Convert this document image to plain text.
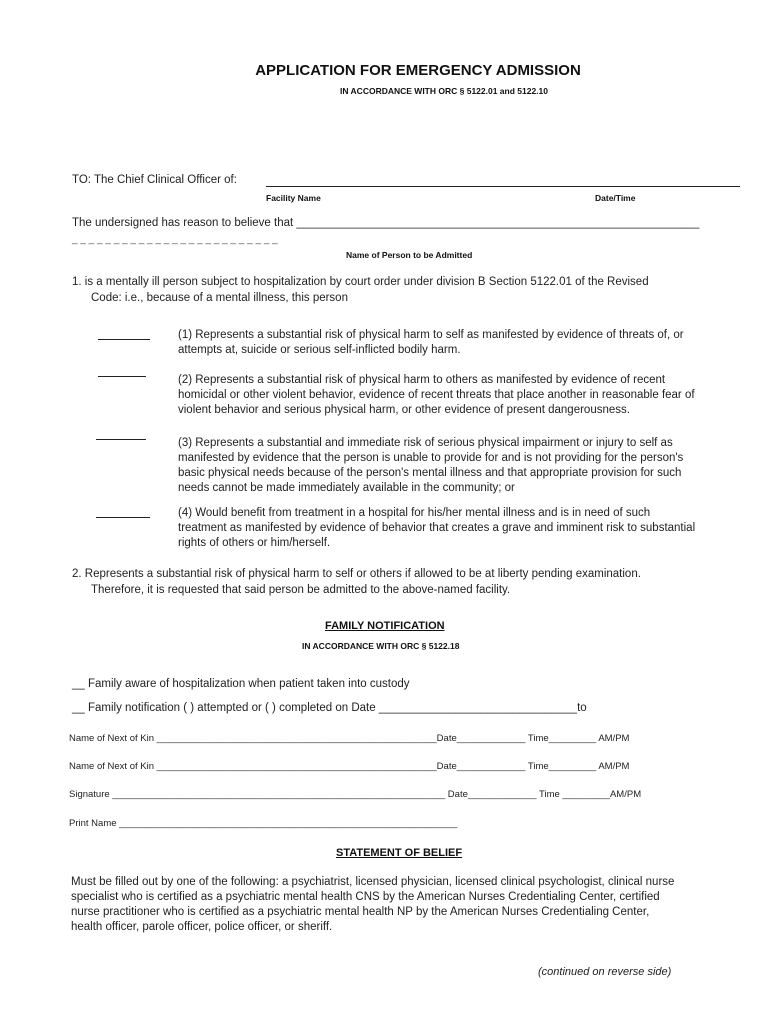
APPLICATION FOR EMERGENCY ADMISSION
IN ACCORDANCE WITH ORC § 5122.01 and 5122.10
TO: The Chief Clinical Officer of:
Facility Name	Date/Time
The undersigned has reason to believe that _______________________________________________________________
_ _ _ _ _ _ _ _ _ _ _ _ _ _ _ _ _ _ _ _ _ _ _ _ _
Name of Person to be Admitted
1. is a mentally ill person subject to hospitalization by court order under division B Section 5122.01 of the Revised
Code: i.e., because of a mental illness, this person
(1) Represents a substantial risk of physical harm to self as manifested by evidence of threats of, or
attempts at, suicide or serious self-inflicted bodily harm.
(2) Represents a substantial risk of physical harm to others as manifested by evidence of recent
homicidal or other violent behavior, evidence of recent threats that place another in reasonable fear of
violent behavior and serious physical harm, or other evidence of present dangerousness.
(3) Represents a substantial and immediate risk of serious physical impairment or injury to self as
manifested by evidence that the person is unable to provide for and is not providing for the person's
basic physical needs because of the person's mental illness and that appropriate provision for such
needs cannot be made immediately available in the community; or
(4) Would benefit from treatment in a hospital for his/her mental illness and is in need of such
treatment as manifested by evidence of behavior that creates a grave and imminent risk to substantial
rights of others or him/herself.
2. Represents a substantial risk of physical harm to self or others if allowed to be at liberty pending examination.
Therefore, it is requested that said person be admitted to the above-named facility.
FAMILY NOTIFICATION
IN ACCORDANCE WITH ORC § 5122.18
__ Family aware of hospitalization when patient taken into custody
__ Family notification ( ) attempted or ( ) completed on Date _______________________________to
Name of Next of Kin _____________________________________________________Date_____________ Time_________ AM/PM
Name of Next of Kin _____________________________________________________Date_____________ Time_________ AM/PM
Signature _______________________________________________________________ Date_____________ Time _________AM/PM
Print Name ________________________________________________________________
STATEMENT OF BELIEF
Must be filled out by one of the following: a psychiatrist, licensed physician, licensed clinical psychologist, clinical nurse
specialist who is certified as a psychiatric mental health CNS by the American Nurses Credentialing Center, certified
nurse practitioner who is certified as a psychiatric mental health NP by the American Nurses Credentialing Center,
health officer, parole officer, police officer, or sheriff.
(continued on reverse side)
